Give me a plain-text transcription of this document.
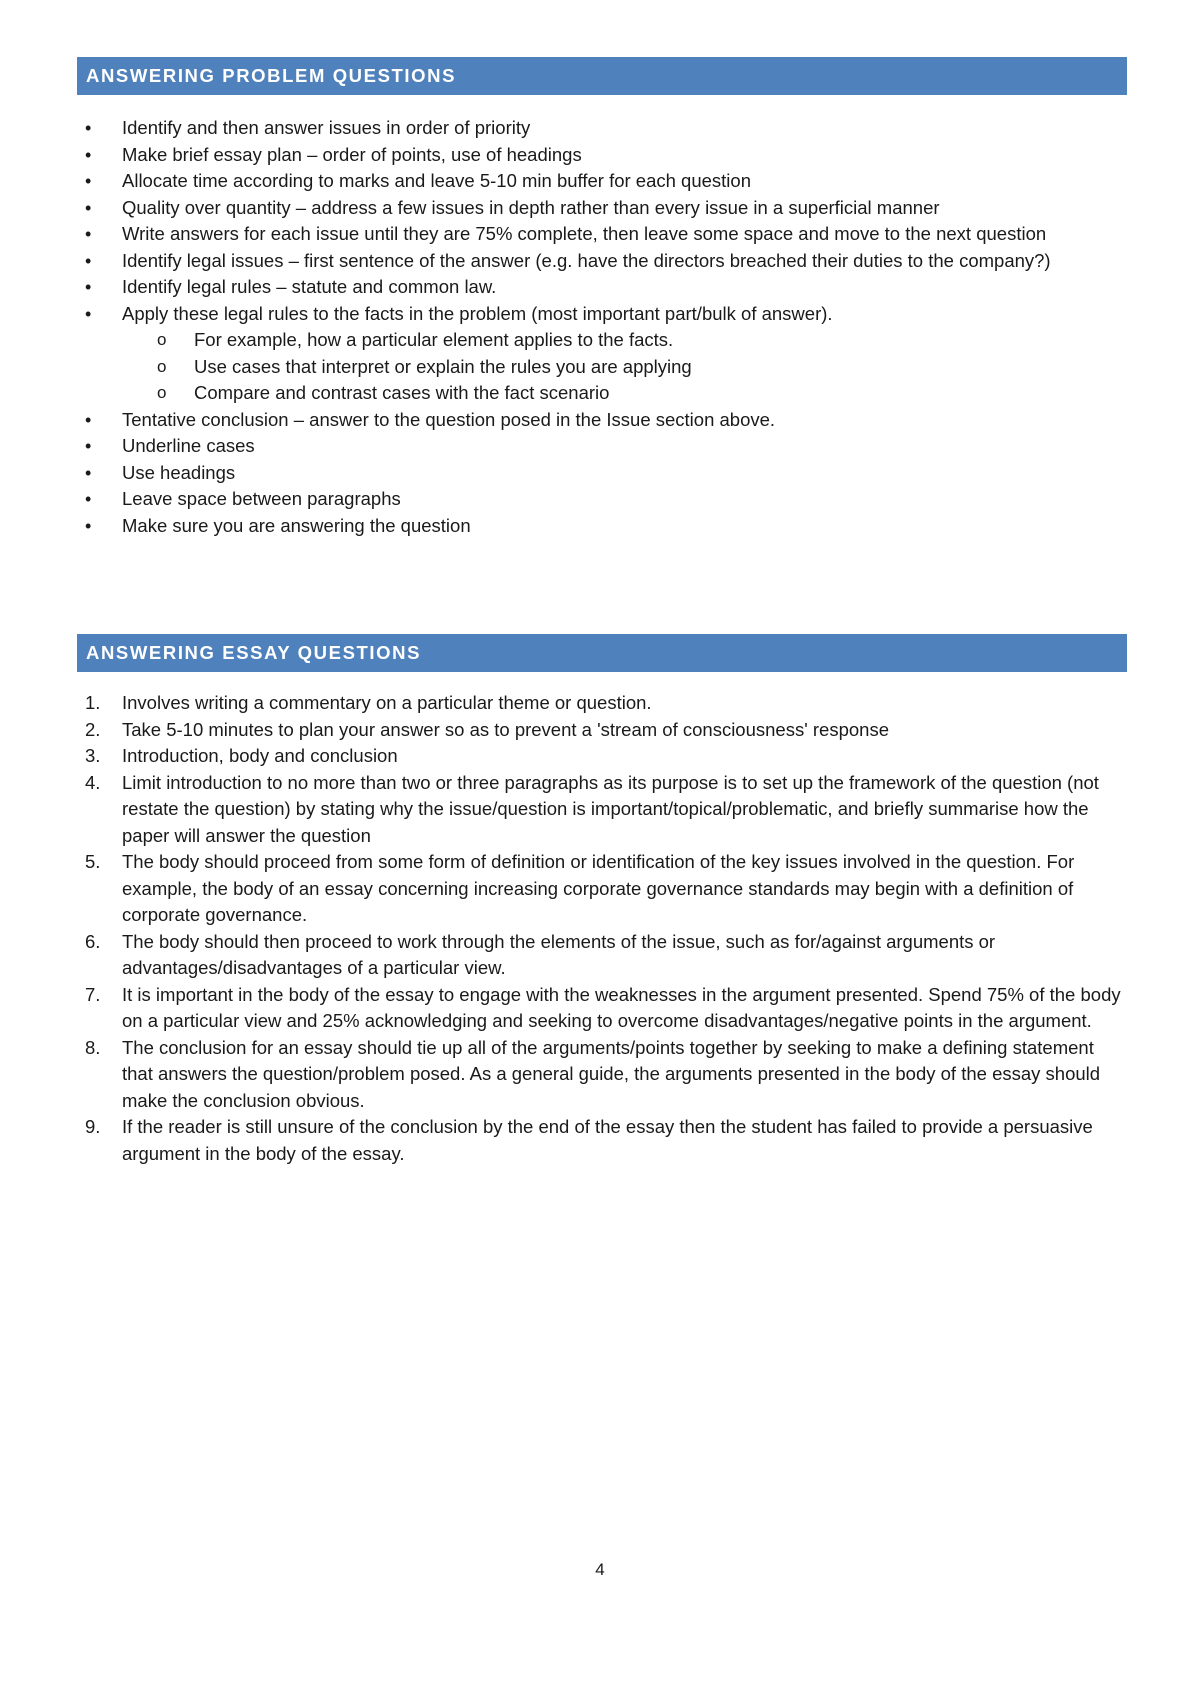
ANSWERING PROBLEM QUESTIONS
•	Identify and then answer issues in order of priority
•	Make brief essay plan – order of points, use of headings
•	Allocate time according to marks and leave 5-10 min buffer for each question
•	Quality over quantity – address a few issues in depth rather than every issue in a superficial manner
•	Write answers for each issue until they are 75% complete, then leave some space and move to the next question
•	Identify legal issues – first sentence of the answer (e.g. have the directors breached their duties to the company?)
•	Identify legal rules – statute and common law.
•	Apply these legal rules to the facts in the problem (most important part/bulk of answer).
o For example, how a particular element applies to the facts.
o Use cases that interpret or explain the rules you are applying
o Compare and contrast cases with the fact scenario
•	Tentative conclusion – answer to the question posed in the Issue section above.
•	Underline cases
•	Use headings
•	Leave space between paragraphs
•	Make sure you are answering the question
ANSWERING ESSAY QUESTIONS
1.	Involves writing a commentary on a particular theme or question.
2.	Take 5-10 minutes to plan your answer so as to prevent a 'stream of consciousness' response
3.	Introduction, body and conclusion
4.	Limit introduction to no more than two or three paragraphs as its purpose is to set up the framework of the question (not restate the question) by stating why the issue/question is important/topical/problematic, and briefly summarise how the paper will answer the question
5.	The body should proceed from some form of definition or identification of the key issues involved in the question. For example, the body of an essay concerning increasing corporate governance standards may begin with a definition of corporate governance.
6.	The body should then proceed to work through the elements of the issue, such as for/against arguments or advantages/disadvantages of a particular view.
7.	It is important in the body of the essay to engage with the weaknesses in the argument presented. Spend 75% of the body on a particular view and 25% acknowledging and seeking to overcome disadvantages/negative points in the argument.
8.	The conclusion for an essay should tie up all of the arguments/points together by seeking to make a defining statement that answers the question/problem posed. As a general guide, the arguments presented in the body of the essay should make the conclusion obvious.
9.	If the reader is still unsure of the conclusion by the end of the essay then the student has failed to provide a persuasive argument in the body of the essay.
4
